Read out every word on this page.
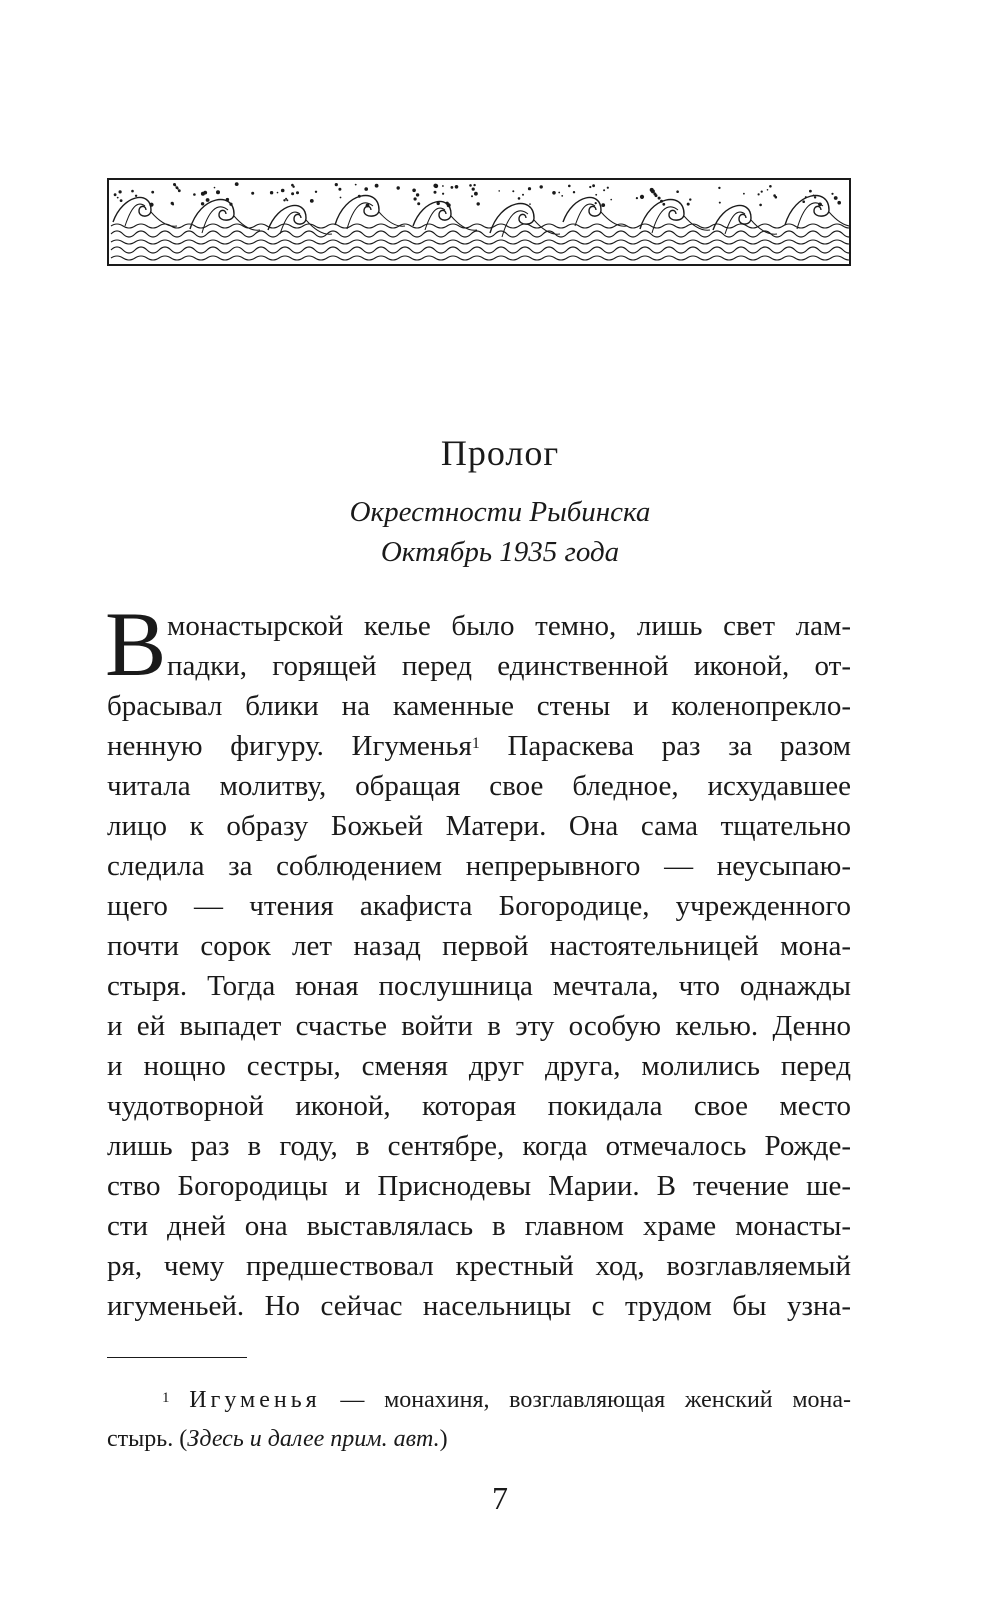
Пролог
Окрестности Рыбинска
Октябрь 1935 года
В монастырской келье было темно, лишь свет лам-
падки, горящей перед единственной иконой, от-
брасывал блики на каменные стены и коленопрекло-
ненную фигуру. Игуменья$^1$ Параскева раз за разом
читала молитву, обращая свое бледное, исхудавшее
лицо к образу Божьей Матери. Она сама тщательно
следила за соблюдением непрерывного — неусыпаю-
щего — чтения акафиста Богородице, учрежденного
почти сорок лет назад первой настоятельницей мона-
стыря. Тогда юная послушница мечтала, что однажды
и ей выпадет счастье войти в эту особую келью. Денно
и нощно сестры, сменяя друг друга, молились перед
чудотворной иконой, которая покидала свое место
лишь раз в году, в сентябре, когда отмечалось Рожде-
ство Богородицы и Приснодевы Марии. В течение ше-
сти дней она выставлялась в главном храме монасты-
ря, чему предшествовал крестный ход, возглавляемый
игуменьей. Но сейчас насельницы с трудом бы узна-
$^1$ Игуменья — монахиня, возглавляющая женский мона-
стырь. (Здесь и далее прим. авт.)
7
